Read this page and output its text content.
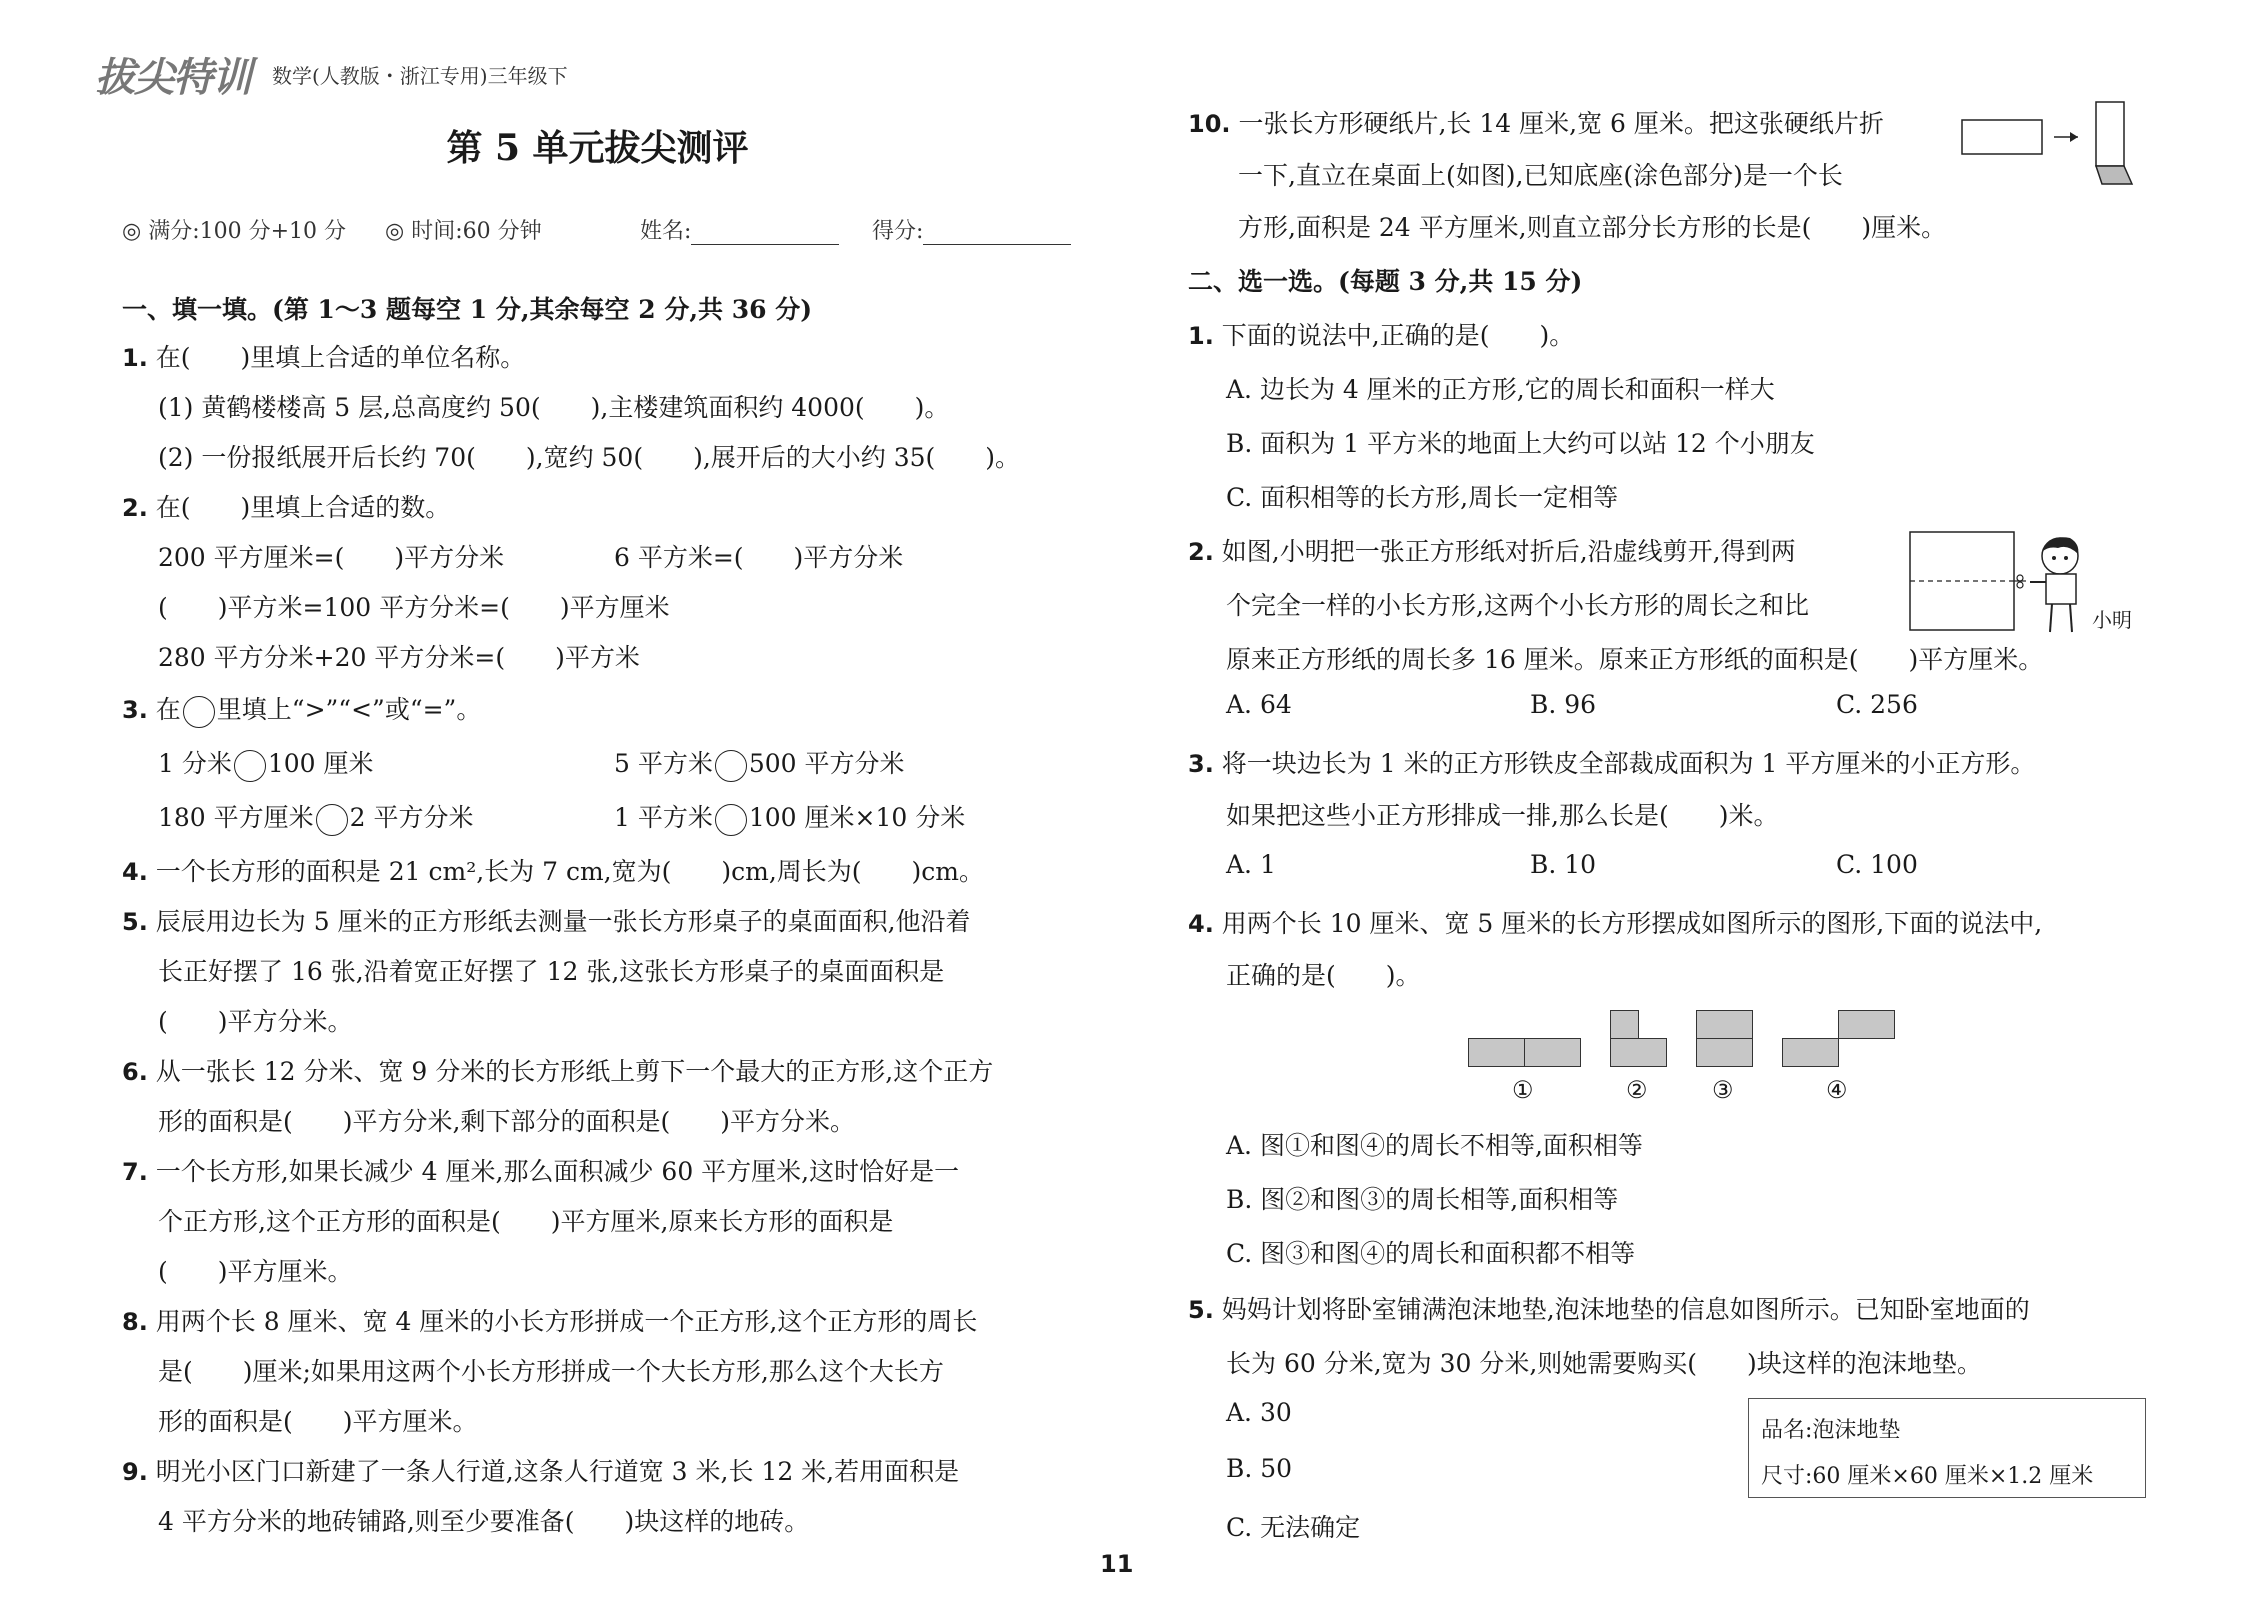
拔尖特训 数学(人教版・浙江专用)三年级下
第 5 单元拔尖测评
◎ 满分:100 分+10 分 ◎ 时间:60 分钟	姓名:	得分:
一、填一填。(第 1～3 题每空 1 分,其余每空 2 分,共 36 分)
1. 在(　　)里填上合适的单位名称。
(1) 黄鹤楼楼高 5 层,总高度约 50(　　),主楼建筑面积约 4000(　　)。
(2) 一份报纸展开后长约 70(　　),宽约 50(　　),展开后的大小约 35(　　)。
2. 在(　　)里填上合适的数。
200 平方厘米=(　　)平方分米	6 平方米=(　　)平方分米
(　　)平方米=100 平方分米=(　　)平方厘米
280 平方分米+20 平方分米=(　　)平方米
3. 在 里填上“>”“<”或“=”。
1 分米 100 厘米	5 平方米 500 平方分米
180 平方厘米 2 平方分米	1 平方米 100 厘米×10 分米
4. 一个长方形的面积是 21 cm²,长为 7 cm,宽为(　　)cm,周长为(　　)cm。
5. 辰辰用边长为 5 厘米的正方形纸去测量一张长方形桌子的桌面面积,他沿着
长正好摆了 16 张,沿着宽正好摆了 12 张,这张长方形桌子的桌面面积是
(　　)平方分米。
6. 从一张长 12 分米、宽 9 分米的长方形纸上剪下一个最大的正方形,这个正方
形的面积是(　　)平方分米,剩下部分的面积是(　　)平方分米。
7. 一个长方形,如果长减少 4 厘米,那么面积减少 60 平方厘米,这时恰好是一
个正方形,这个正方形的面积是(　　)平方厘米,原来长方形的面积是
(　　)平方厘米。
8. 用两个长 8 厘米、宽 4 厘米的小长方形拼成一个正方形,这个正方形的周长
是(　　)厘米;如果用这两个小长方形拼成一个大长方形,那么这个大长方
形的面积是(　　)平方厘米。
9. 明光小区门口新建了一条人行道,这条人行道宽 3 米,长 12 米,若用面积是
4 平方分米的地砖铺路,则至少要准备(　　)块这样的地砖。
10. 一张长方形硬纸片,长 14 厘米,宽 6 厘米。把这张硬纸片折
一下,直立在桌面上(如图),已知底座(涂色部分)是一个长
方形,面积是 24 平方厘米,则直立部分长方形的长是(　　)厘米。
二、选一选。(每题 3 分,共 15 分)
1. 下面的说法中,正确的是(　　)。
A. 边长为 4 厘米的正方形,它的周长和面积一样大
B. 面积为 1 平方米的地面上大约可以站 12 个小朋友
C. 面积相等的长方形,周长一定相等
2. 如图,小明把一张正方形纸对折后,沿虚线剪开,得到两
个完全一样的小长方形,这两个小长方形的周长之和比
原来正方形纸的周长多 16 厘米。原来正方形纸的面积是(　　)平方厘米。
小明
A. 64	B. 96	C. 256
3. 将一块边长为 1 米的正方形铁皮全部裁成面积为 1 平方厘米的小正方形。
如果把这些小正方形排成一排,那么长是(　　)米。
A. 1	B. 10	C. 100
4. 用两个长 10 厘米、宽 5 厘米的长方形摆成如图所示的图形,下面的说法中,
正确的是(　　)。
①	②	③	④
A. 图①和图④的周长不相等,面积相等
B. 图②和图③的周长相等,面积相等
C. 图③和图④的周长和面积都不相等
5. 妈妈计划将卧室铺满泡沫地垫,泡沫地垫的信息如图所示。已知卧室地面的
长为 60 分米,宽为 30 分米,则她需要购买(　　)块这样的泡沫地垫。
A. 30
B. 50
C. 无法确定
品名:泡沫地垫
尺寸:60 厘米×60 厘米×1.2 厘米
11
